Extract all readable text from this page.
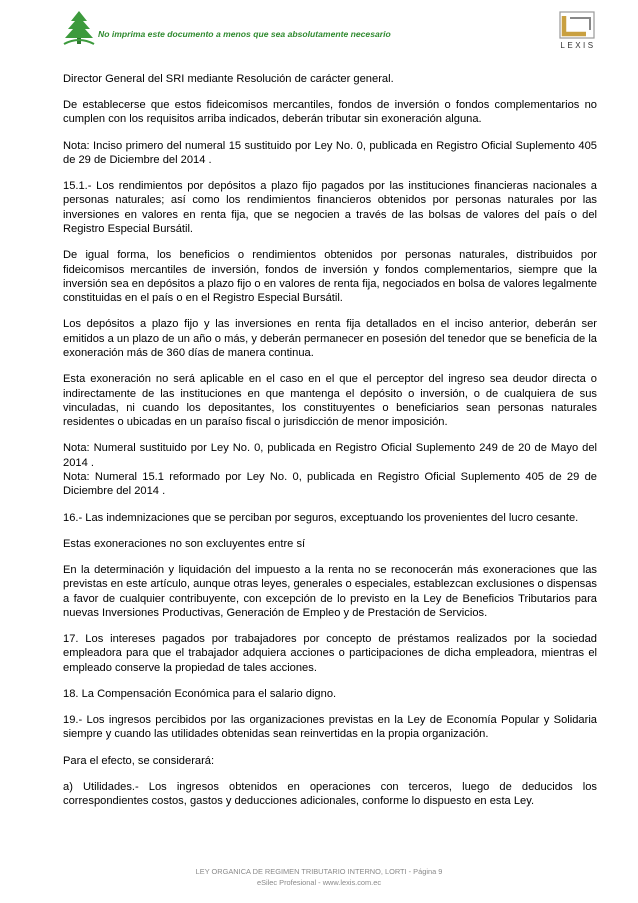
No imprima este documento a menos que sea absolutamente necesario
LEXIS

Director General del SRI mediante Resolución de carácter general.

De establecerse que estos fideicomisos mercantiles, fondos de inversión o fondos complementarios no cumplen con los requisitos arriba indicados, deberán tributar sin exoneración alguna.

Nota: Inciso primero del numeral 15 sustituido por Ley No. 0, publicada en Registro Oficial Suplemento 405 de 29 de Diciembre del 2014 .

15.1.- Los rendimientos por depósitos a plazo fijo pagados por las instituciones financieras nacionales a personas naturales; así como los rendimientos financieros obtenidos por personas naturales por las inversiones en valores en renta fija, que se negocien a través de las bolsas de valores del país o del Registro Especial Bursátil.

De igual forma, los beneficios o rendimientos obtenidos por personas naturales, distribuidos por fideicomisos mercantiles de inversión, fondos de inversión y fondos complementarios, siempre que la inversión sea en depósitos a plazo fijo o en valores de renta fija, negociados en bolsa de valores legalmente constituidas en el país o en el Registro Especial Bursátil.

Los depósitos a plazo fijo y las inversiones en renta fija detallados en el inciso anterior, deberán ser emitidos a un plazo de un año o más, y deberán permanecer en posesión del tenedor que se beneficia de la exoneración más de 360 días de manera continua.

Esta exoneración no será aplicable en el caso en el que el perceptor del ingreso sea deudor directa o indirectamente de las instituciones en que mantenga el depósito o inversión, o de cualquiera de sus vinculadas, ni cuando los depositantes, los constituyentes o beneficiarios sean personas naturales residentes o ubicadas en un paraíso fiscal o jurisdicción de menor imposición.

Nota: Numeral sustituido por Ley No. 0, publicada en Registro Oficial Suplemento 249 de 20 de Mayo del 2014 .

Nota: Numeral 15.1 reformado por Ley No. 0, publicada en Registro Oficial Suplemento 405 de 29 de Diciembre del 2014 .

16.- Las indemnizaciones que se perciban por seguros, exceptuando los provenientes del lucro cesante.

Estas exoneraciones no son excluyentes entre sí

En la determinación y liquidación del impuesto a la renta no se reconocerán más exoneraciones que las previstas en este artículo, aunque otras leyes, generales o especiales, establezcan exclusiones o dispensas a favor de cualquier contribuyente, con excepción de lo previsto en la Ley de Beneficios Tributarios para nuevas Inversiones Productivas, Generación de Empleo y de Prestación de Servicios.

17. Los intereses pagados por trabajadores por concepto de préstamos realizados por la sociedad empleadora para que el trabajador adquiera acciones o participaciones de dicha empleadora, mientras el empleado conserve la propiedad de tales acciones.

18. La Compensación Económica para el salario digno.

19.- Los ingresos percibidos por las organizaciones previstas en la Ley de Economía Popular y Solidaria siempre y cuando las utilidades obtenidas sean reinvertidas en la propia organización.

Para el efecto, se considerará:

a) Utilidades.- Los ingresos obtenidos en operaciones con terceros, luego de deducidos los correspondientes costos, gastos y deducciones adicionales, conforme lo dispuesto en esta Ley.

LEY ORGANICA DE REGIMEN TRIBUTARIO INTERNO, LORTI - Página 9
eSilec Profesional - www.lexis.com.ec
